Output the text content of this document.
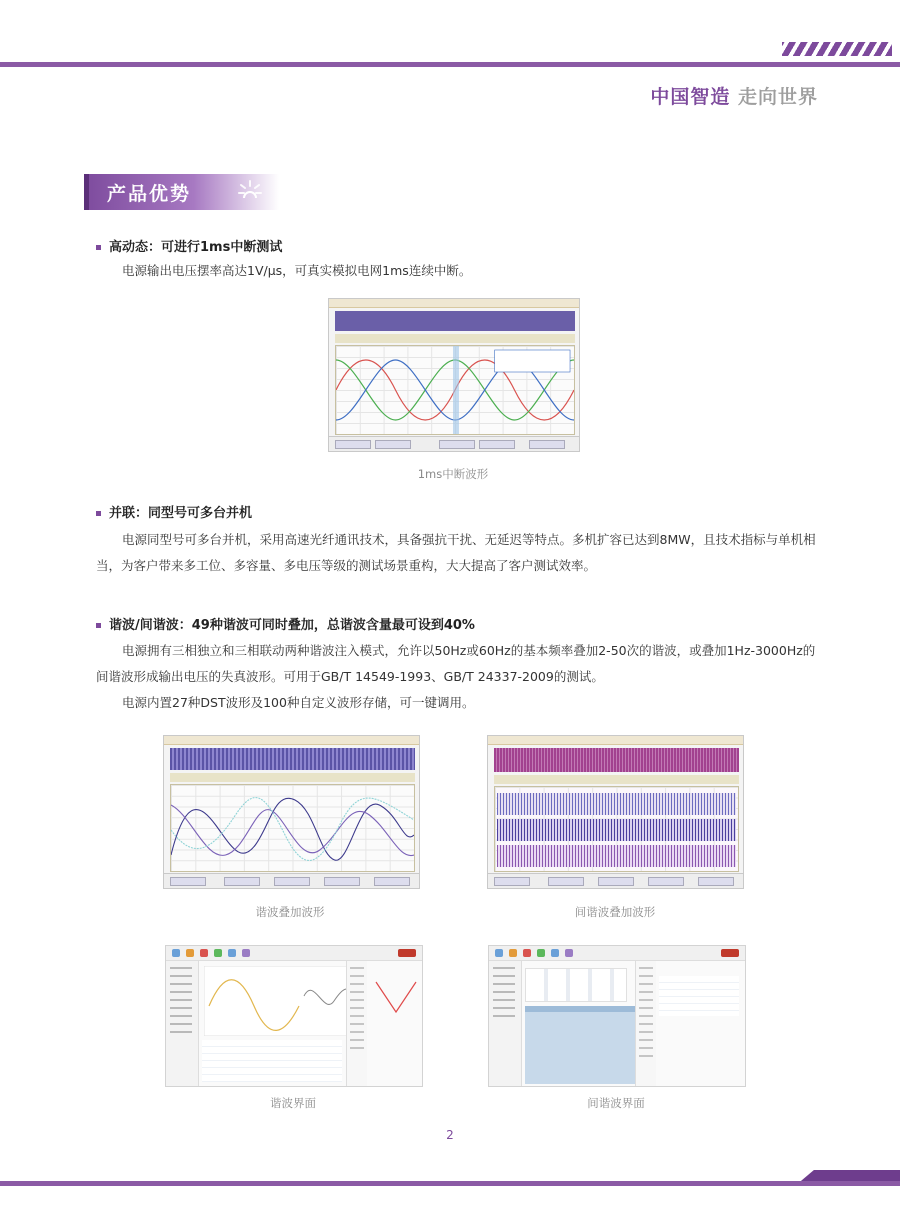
中国智造 走向世界
产品优势
高动态：可进行1ms中断测试

电源输出电压摆率高达1V/μs，可真实模拟电网1ms连续中断。

1ms中断波形
并联：同型号可多台并机

电源同型号可多台并机，采用高速光纤通讯技术，具备强抗干扰、无延迟等特点。多机扩容已达到8MW，且技术指标与单机相当，为客户带来多工位、多容量、多电压等级的测试场景重构，大大提高了客户测试效率。

谐波/间谐波：49种谐波可同时叠加，总谐波含量最可设到40%

电源拥有三相独立和三相联动两种谐波注入模式，允许以50Hz或60Hz的基本频率叠加2-50次的谐波，或叠加1Hz-3000Hz的间谐波形成输出电压的失真波形。可用于GB/T 14549-1993、GB/T 24337-2009的测试。

电源内置27种DST波形及100种自定义波形存储，可一键调用。

谐波叠加波形	间谐波叠加波形
谐波界面	间谐波界面
2
